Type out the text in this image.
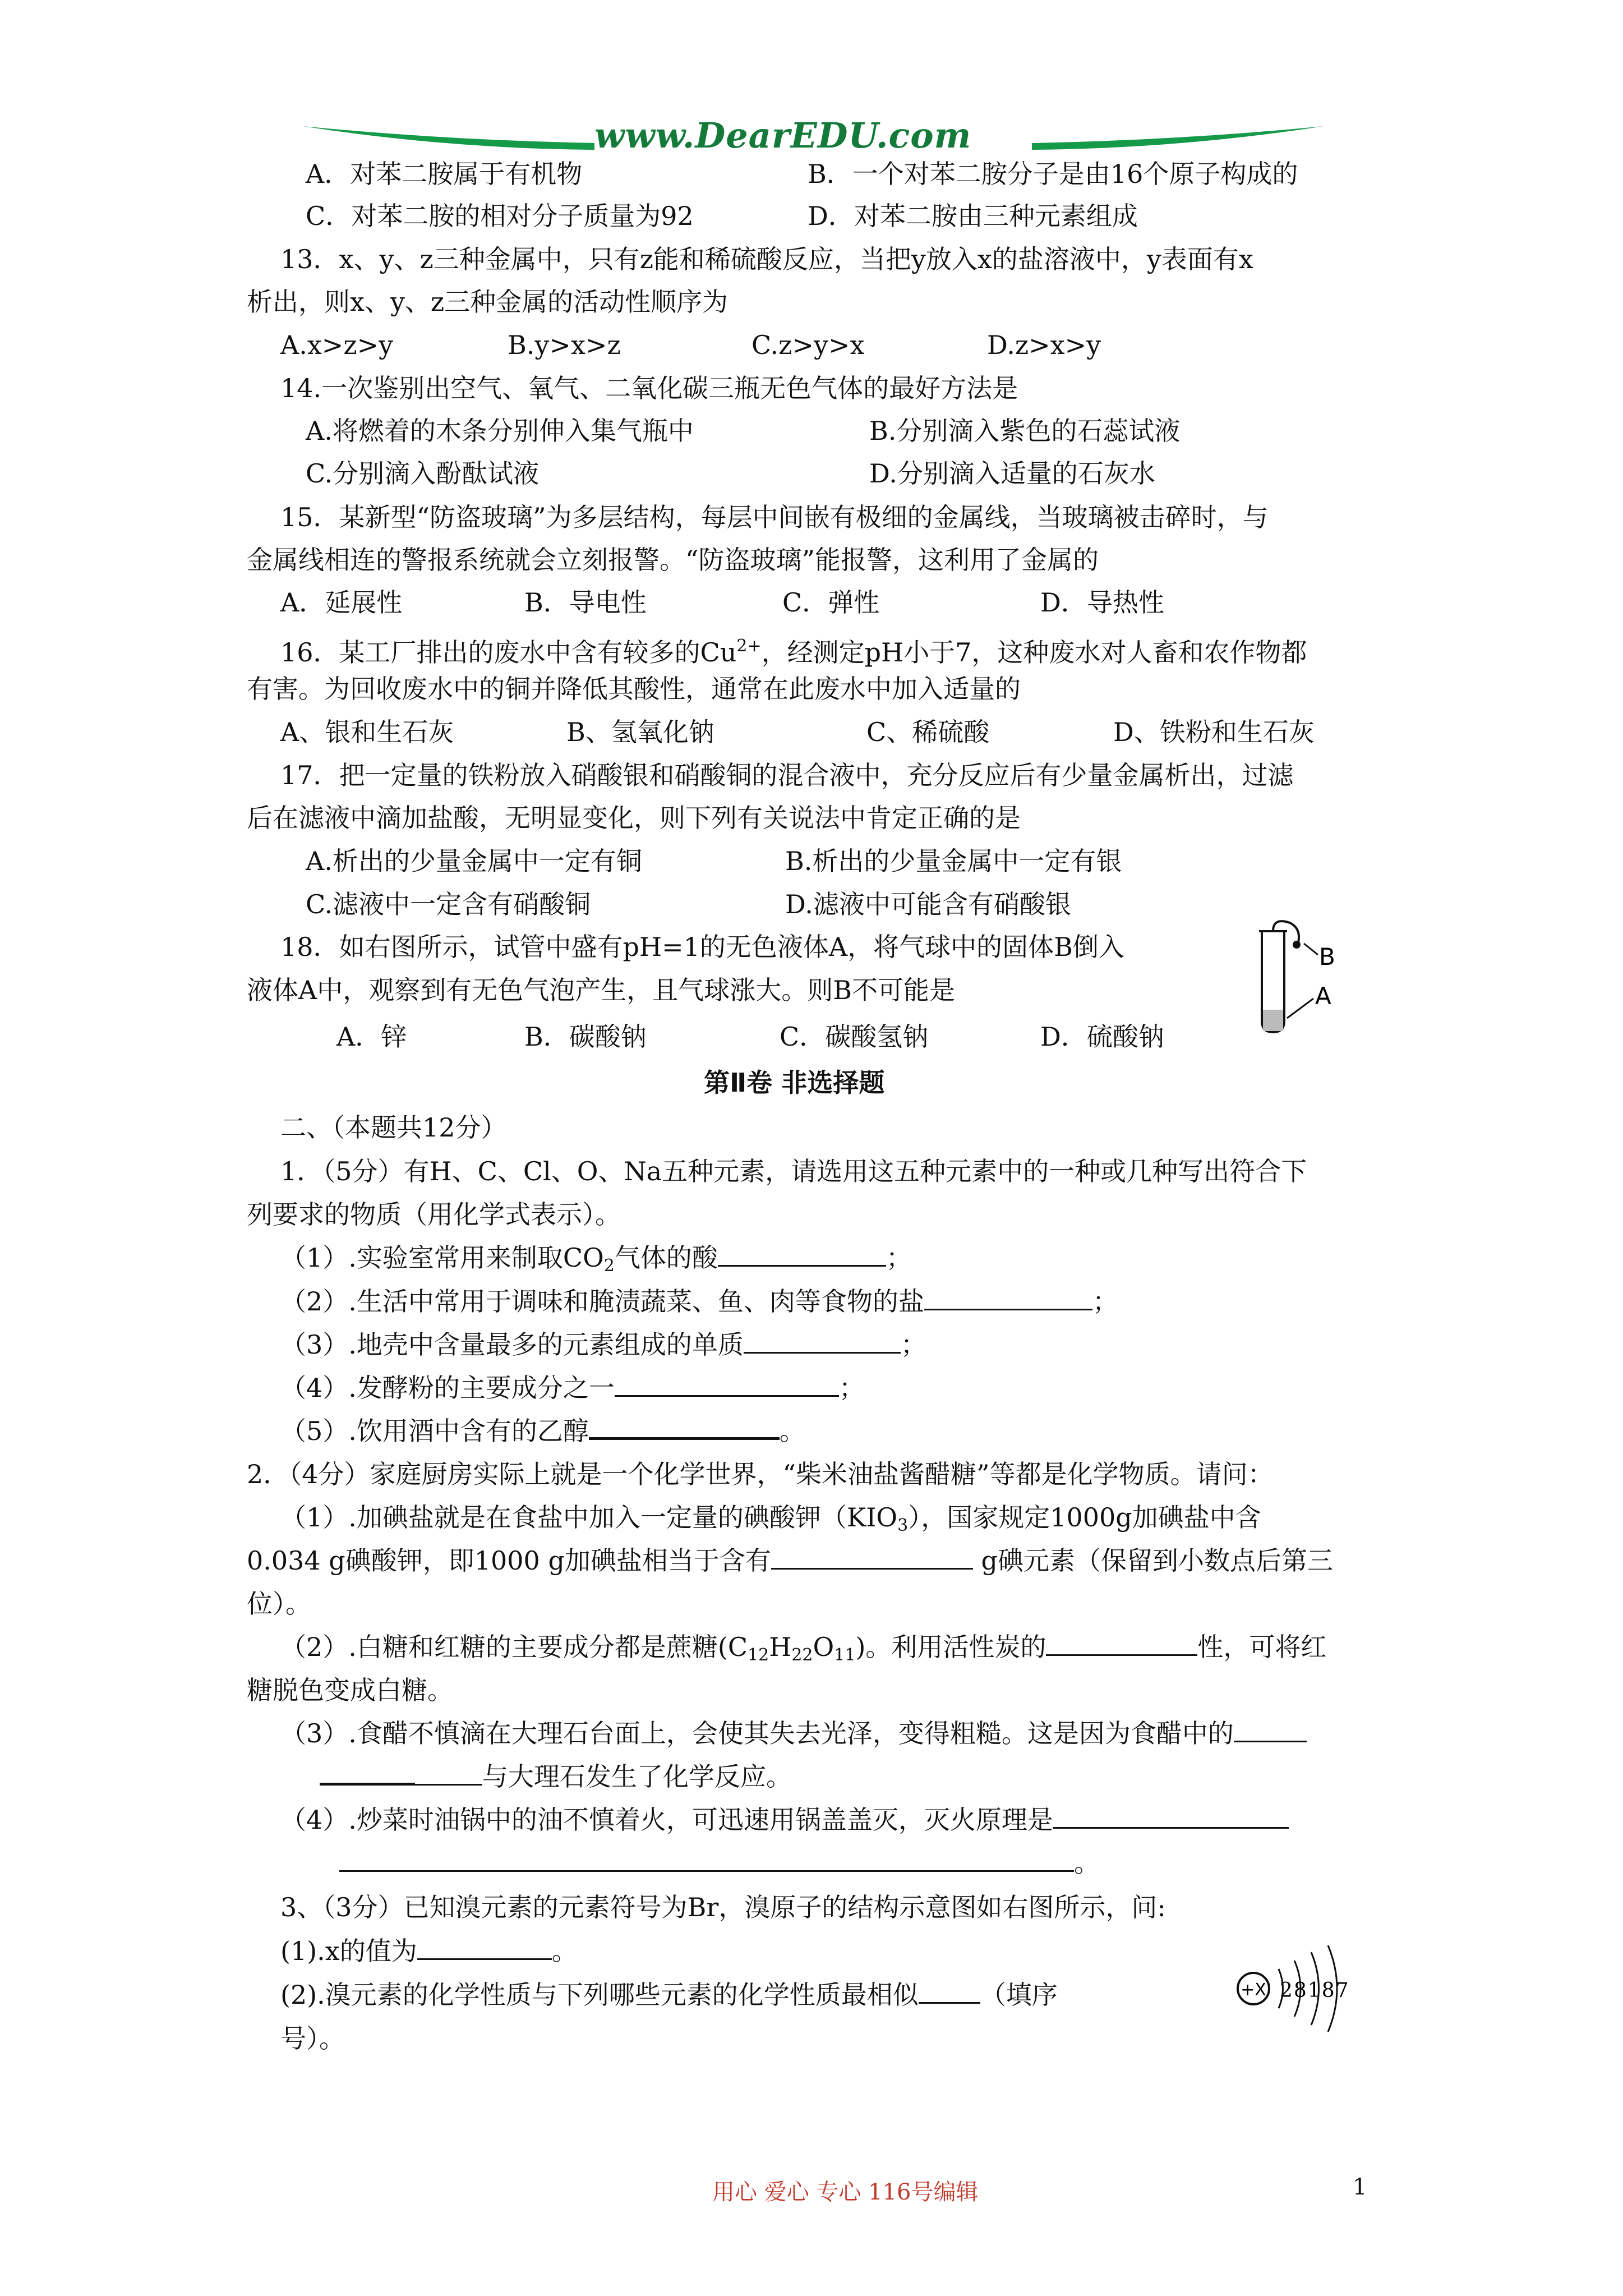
www.DearEDU.com
A．对苯二胺属于有机物	B．一个对苯二胺分子是由16个原子构成的
C．对苯二胺的相对分子质量为92	D．对苯二胺由三种元素组成
13．x、y、z三种金属中，只有z能和稀硫酸反应，当把y放入x的盐溶液中，y表面有x
析出，则x、y、z三种金属的活动性顺序为
A.x>z>y	B.y>x>z	C.z>y>x	D.z>x>y
14.一次鉴别出空气、氧气、二氧化碳三瓶无色气体的最好方法是
A.将燃着的木条分别伸入集气瓶中	B.分别滴入紫色的石蕊试液
C.分别滴入酚酞试液	D.分别滴入适量的石灰水
15．某新型“防盗玻璃”为多层结构，每层中间嵌有极细的金属线，当玻璃被击碎时，与
金属线相连的警报系统就会立刻报警。“防盗玻璃”能报警，这利用了金属的
A．延展性	B．导电性	C．弹性	D．导热性
16．某工厂排出的废水中含有较多的$Cu^{2+}$，经测定pH小于7，这种废水对人畜和农作物都
有害。为回收废水中的铜并降低其酸性，通常在此废水中加入适量的
A、银和生石灰	B、氢氧化钠	C、稀硫酸	D、铁粉和生石灰
17．把一定量的铁粉放入硝酸银和硝酸铜的混合液中，充分反应后有少量金属析出，过滤
后在滤液中滴加盐酸，无明显变化，则下列有关说法中肯定正确的是
A.析出的少量金属中一定有铜	B.析出的少量金属中一定有银
C.滤液中一定含有硝酸铜	D.滤液中可能含有硝酸银
18．如右图所示，试管中盛有pH=1的无色液体A，将气球中的固体B倒入
液体A中，观察到有无色气泡产生，且气球涨大。则B不可能是
A．锌	B．碳酸钠	C．碳酸氢钠	D．硫酸钠
B
A
第Ⅱ卷 非选择题
二、（本题共12分）
1．（5分）有H、C、Cl、O、Na五种元素，请选用这五种元素中的一种或几种写出符合下
列要求的物质（用化学式表示）。
（1）.实验室常用来制取$CO_2$气体的酸	；
（2）.生活中常用于调味和腌渍蔬菜、鱼、肉等食物的盐	；
（3）.地壳中含量最多的元素组成的单质	；
（4）.发酵粉的主要成分之一	；
（5）.饮用酒中含有的乙醇	。
2．（4分）家庭厨房实际上就是一个化学世界，“柴米油盐酱醋糖”等都是化学物质。请问：
（1）.加碘盐就是在食盐中加入一定量的碘酸钾$(KIO_3)$，国家规定1000g加碘盐中含
0.034 g碘酸钾，即1000 g加碘盐相当于含有	g碘元素（保留到小数点后第三
位）。
（2）.白糖和红糖的主要成分都是蔗糖$(C_{12}H_{22}O_{11})$。利用活性炭的	性，可将红
糖脱色变成白糖。
（3）.食醋不慎滴在大理石台面上，会使其失去光泽，变得粗糙。这是因为食醋中的
与大理石发生了化学反应。
（4）.炒菜时油锅中的油不慎着火，可迅速用锅盖盖灭，灭火原理是
。
3、（3分）已知溴元素的元素符号为Br，溴原子的结构示意图如右图所示，问:
(1).x的值为	。
(2).溴元素的化学性质与下列哪些元素的化学性质最相似 （填序
号）。
+X 28187
用心 爱心 专心 116号编辑	1
